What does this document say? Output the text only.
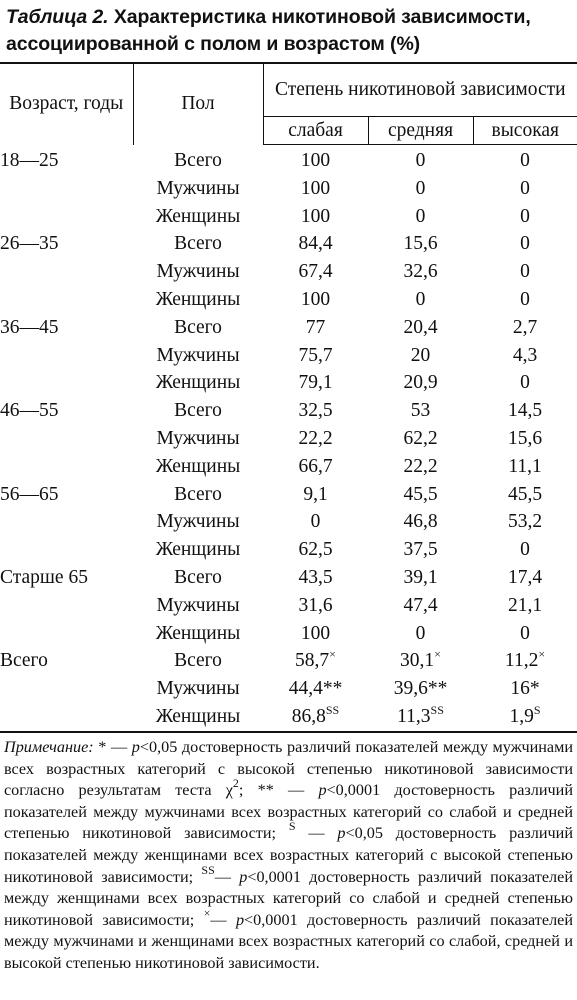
Таблица 2. Характеристика никотиновой зависимости, ассоциированной с полом и возрастом (%)
Возраст, годы	Пол	Степень никотиновой зависимости		
		слабая	средняя	высокая
18—25	Всего	100	0	0
	Мужчины	100	0	0
	Женщины	100	0	0
26—35	Всего	84,4	15,6	0
	Мужчины	67,4	32,6	0
	Женщины	100	0	0
36—45	Всего	77	20,4	2,7
	Мужчины	75,7	20	4,3
	Женщины	79,1	20,9	0
46—55	Всего	32,5	53	14,5
	Мужчины	22,2	62,2	15,6
	Женщины	66,7	22,2	11,1
56—65	Всего	9,1	45,5	45,5
	Мужчины	0	46,8	53,2
	Женщины	62,5	37,5	0
Старше 65	Всего	43,5	39,1	17,4
	Мужчины	31,6	47,4	21,1
	Женщины	100	0	0
Всего	Всего	58,7×	30,1×	11,2×
	Мужчины	44,4**	39,6**	16*
	Женщины	$86,8^{SS}$	$11,3^{SS}$	$1,9^S$
Примечание: * — p<0,05 достоверность различий показателей между мужчинами всех возрастных категорий с высокой степенью никотиновой зависимости согласно результатам теста $\chi^2$; ** — p<0,0001 достоверность различий показателей между мужчинами всех возрастных категорий со слабой и средней степенью никотиновой зависимости; $^S$ — p<0,05 достоверность различий показателей между женщинами всех возрастных категорий с высокой степенью никотиновой зависимости; $^{SS}$— p<0,0001 достоверность различий показателей между женщинами всех возрастных категорий со слабой и средней степенью никотиновой зависимости; ×— p<0,0001 достоверность различий показателей между мужчинами и женщинами всех возрастных категорий со слабой, средней и высокой степенью никотиновой зависимости.
